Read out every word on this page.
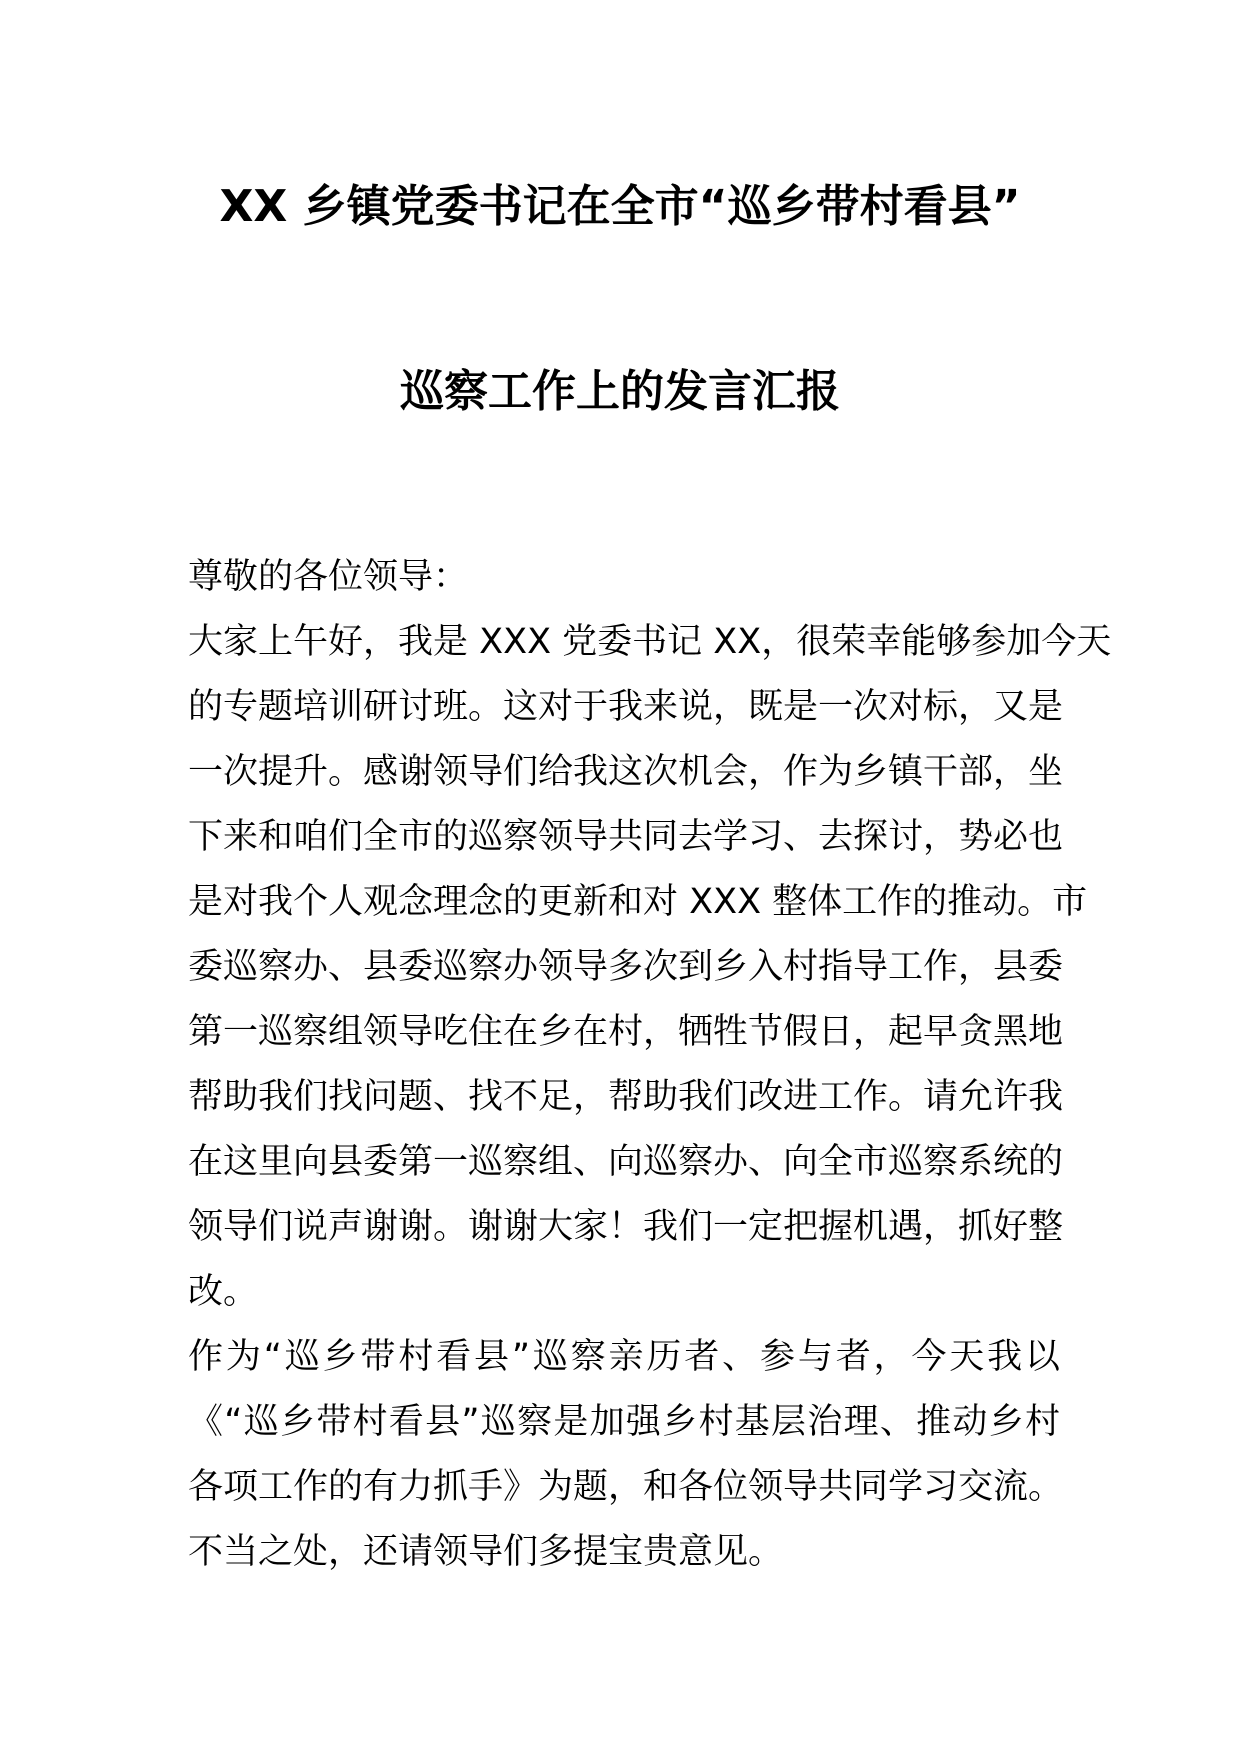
XX 乡镇党委书记在全市“巡乡带村看县”
巡察工作上的发言汇报
尊敬的各位领导：
大家上午好，我是 XXX 党委书记 XX，很荣幸能够参加今天
的专题培训研讨班。这对于我来说，既是一次对标，又是
一次提升。感谢领导们给我这次机会，作为乡镇干部，坐
下来和咱们全市的巡察领导共同去学习、去探讨，势必也
是对我个人观念理念的更新和对 XXX 整体工作的推动。市
委巡察办、县委巡察办领导多次到乡入村指导工作，县委
第一巡察组领导吃住在乡在村，牺牲节假日，起早贪黑地
帮助我们找问题、找不足，帮助我们改进工作。请允许我
在这里向县委第一巡察组、向巡察办、向全市巡察系统的
领导们说声谢谢。谢谢大家！我们一定把握机遇，抓好整
改。
作为“巡乡带村看县”巡察亲历者、参与者，今天我以
《“巡乡带村看县”巡察是加强乡村基层治理、推动乡村
各项工作的有力抓手》为题，和各位领导共同学习交流。
不当之处，还请领导们多提宝贵意见。
